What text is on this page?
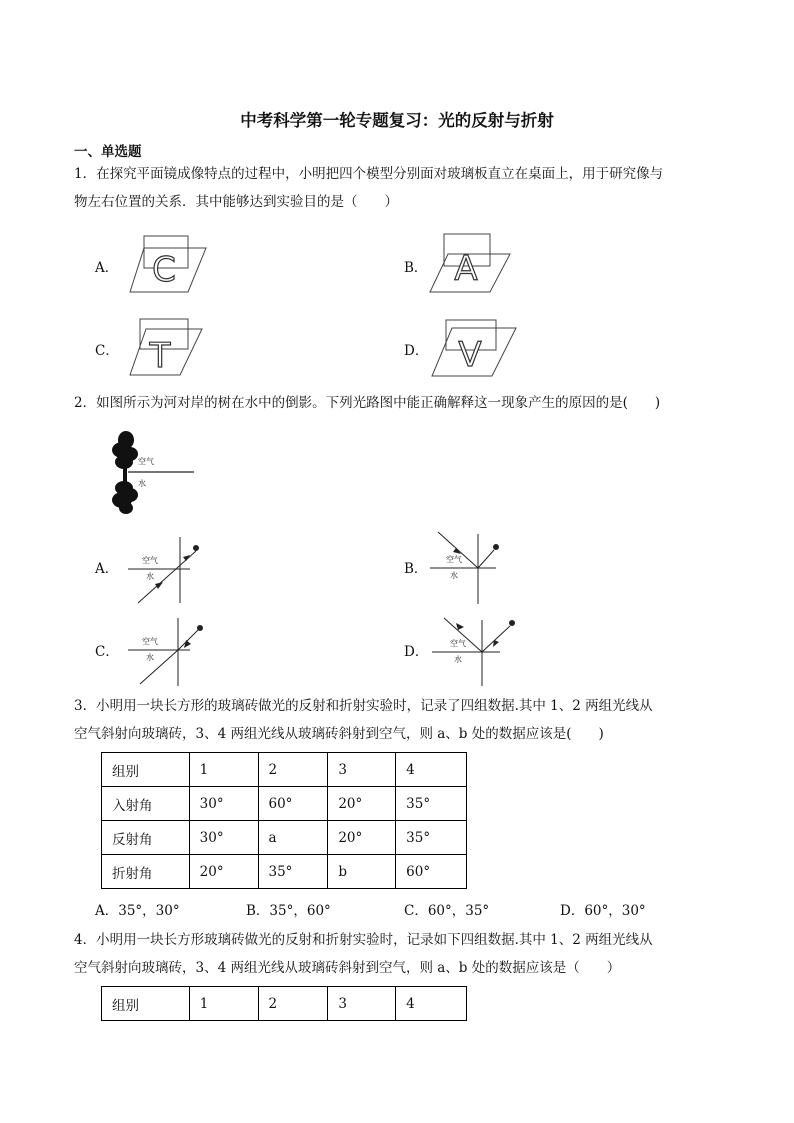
中考科学第一轮专题复习：光的反射与折射
一、单选题
1．在探究平面镜成像特点的过程中，小明把四个模型分别面对玻璃板直立在桌面上，用于研究像与
物左右位置的关系．其中能够达到实验目的是（　　）
A． C	B． A
C． T	D． V
2．如图所示为河对岸的树在水中的倒影。下列光路图中能正确解释这一现象产生的原因的是(　　)
空气
水
A．
空气
水	B．
空气
水
C．
空气
水	D．
空气
水
3．小明用一块长方形的玻璃砖做光的反射和折射实验时，记录了四组数据.其中 1、2 两组光线从
空气斜射向玻璃砖，3、4 两组光线从玻璃砖斜射到空气，则 a、b 处的数据应该是(　　)
组别	1	2	3	4
入射角	30°	60°	20°	35°
反射角	30°	a	20°	35°
折射角	20°	35°	b	60°
A．35°，30°	B．35°，60°	C．60°，35°	D．60°，30°
4．小明用一块长方形玻璃砖做光的反射和折射实验时，记录如下四组数据.其中 1、2 两组光线从
空气斜射向玻璃砖，3、4 两组光线从玻璃砖斜射到空气，则 a、b 处的数据应该是（　　）
组别	1	2	3	4
